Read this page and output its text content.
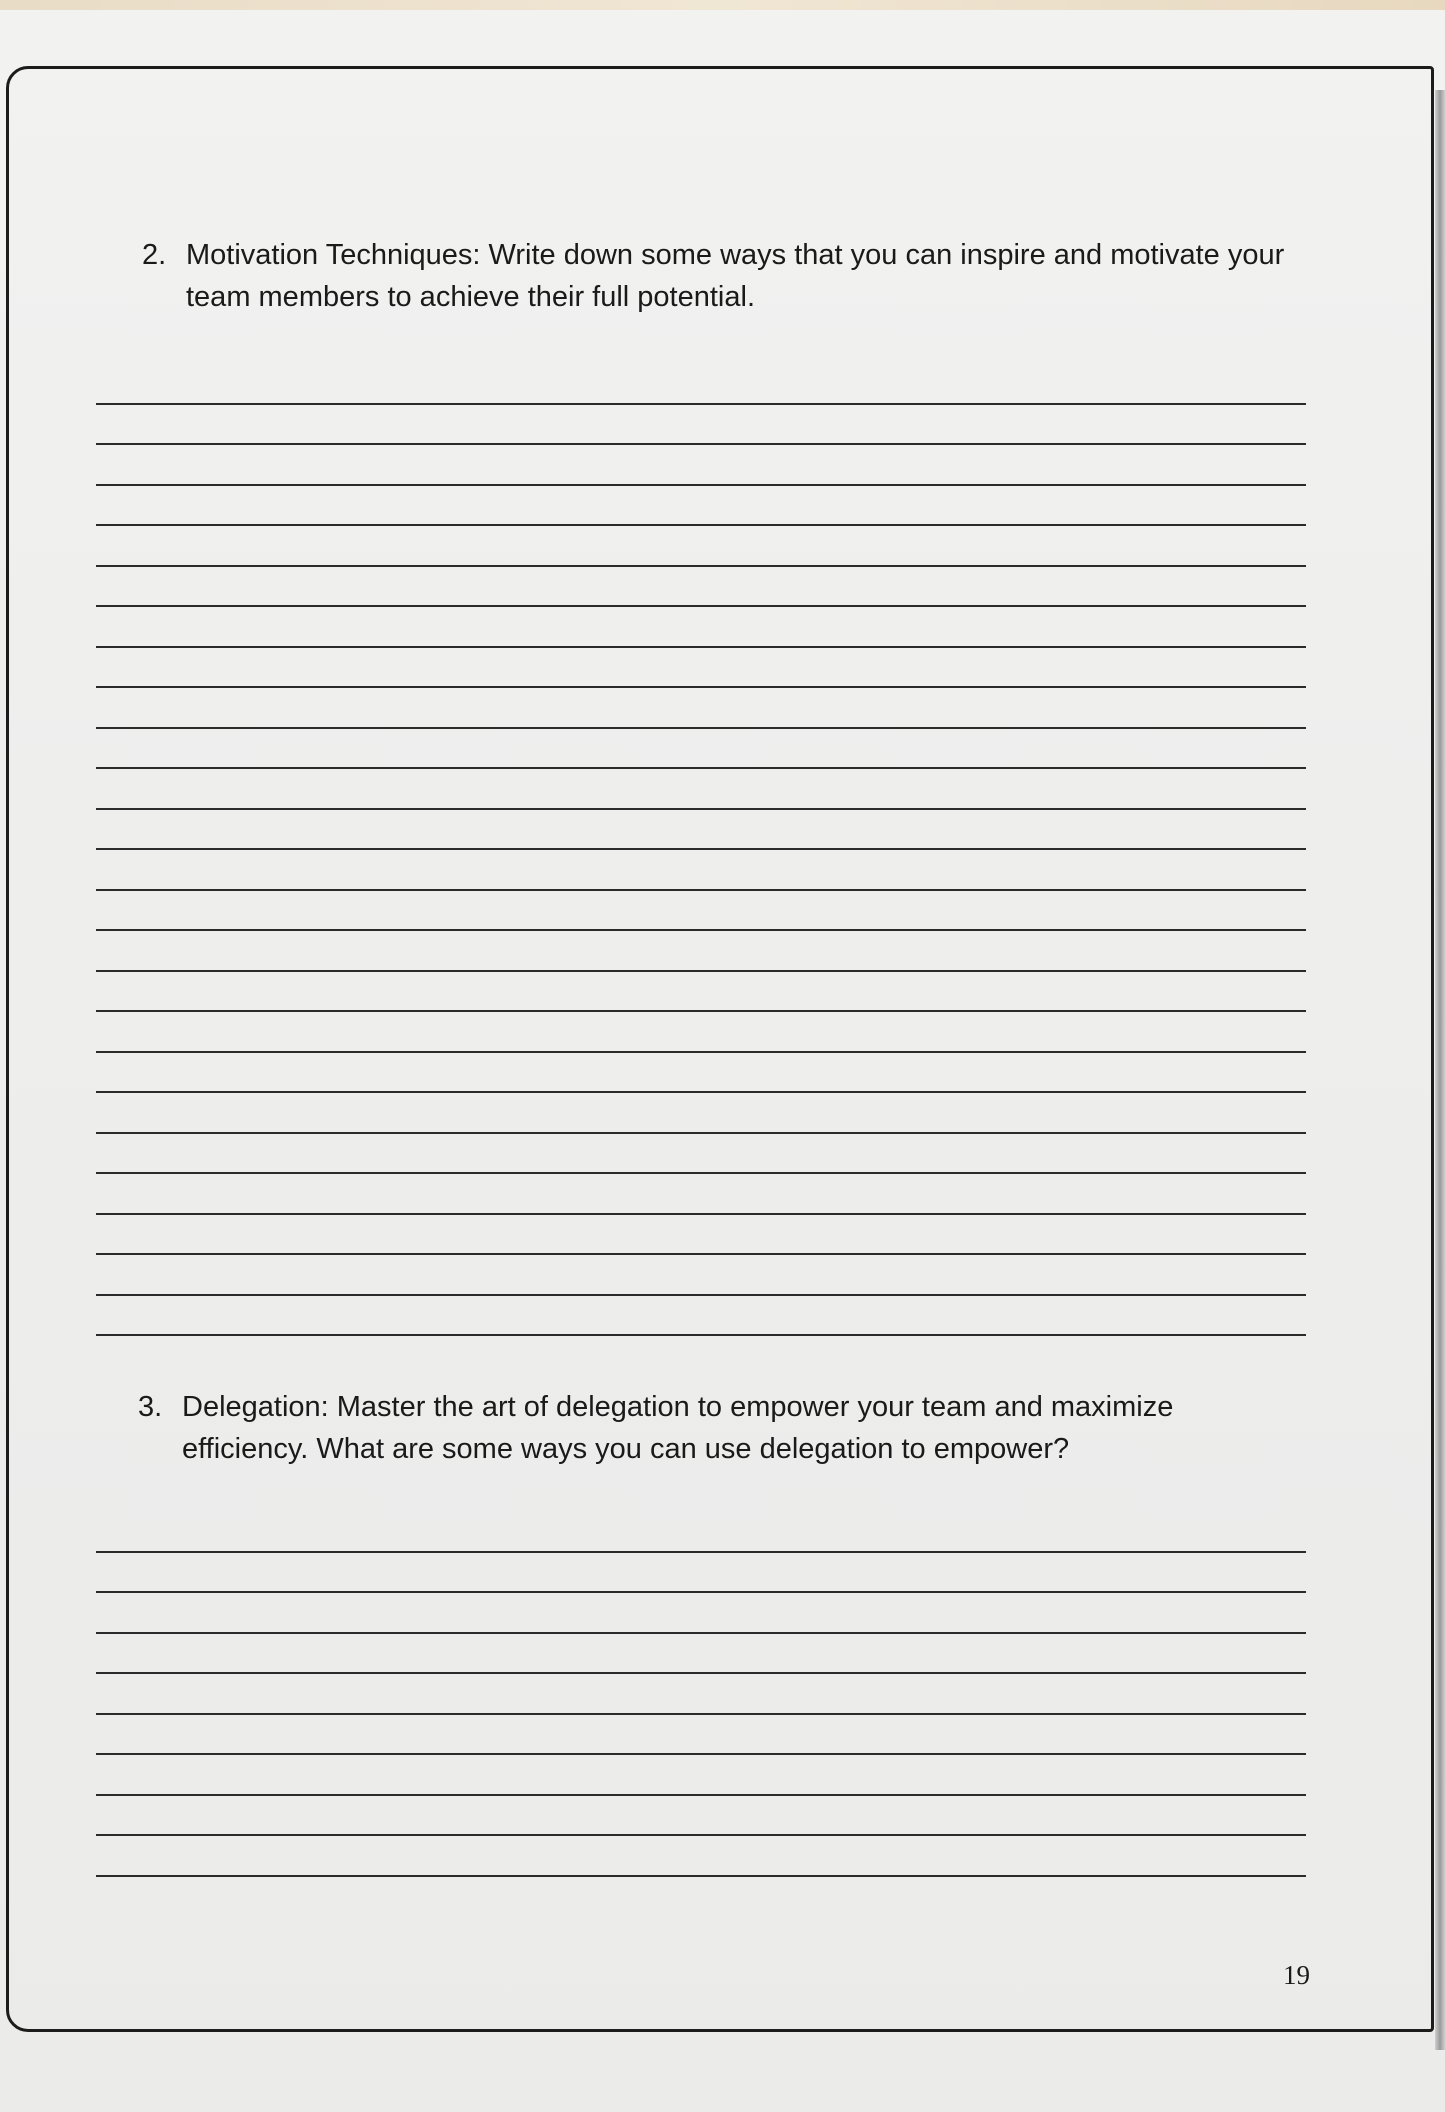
2. Motivation Techniques: Write down some ways that you can inspire and motivate your team members to achieve their full potential.
3. Delegation: Master the art of delegation to empower your team and maximize efficiency. What are some ways you can use delegation to empower?
19
